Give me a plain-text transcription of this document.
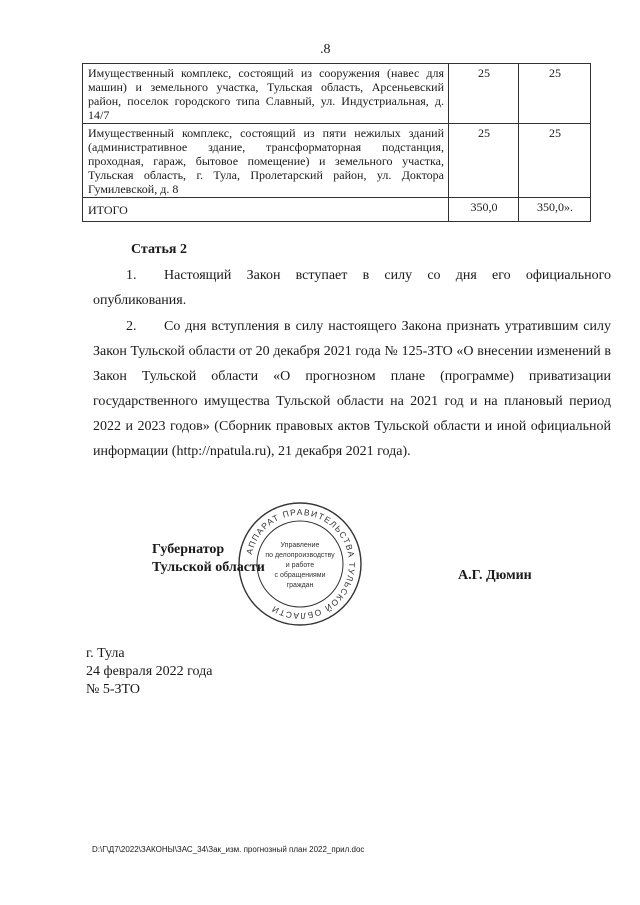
.8
Имущественный комплекс, состоящий из сооружения (навес для машин) и земельного участка, Тульская область, Арсеньевский район, поселок городского типа Славный, ул. Индустриальная, д. 14/7	25	25
Имущественный комплекс, состоящий из пяти нежилых зданий (административное здание, трансформаторная подстанция, проходная, гараж, бытовое помещение) и земельного участка, Тульская область, г. Тула, Пролетарский район, ул. Доктора Гумилевской, д. 8	25	25
ИТОГО	350,0	350,0».
Статья 2
1. Настоящий Закон вступает в силу со дня его официального опубликования.
2. Со дня вступления в силу настоящего Закона признать утратившим силу Закон Тульской области от 20 декабря 2021 года № 125-ЗТО «О внесении изменений в Закон Тульской области «О прогнозном плане (программе) приватизации государственного имущества Тульской области на 2021 год и на плановый период 2022 и 2023 годов» (Сборник правовых актов Тульской области и иной официальной информации (http://npatula.ru), 21 декабря 2021 года).
АППАРАТ ПРАВИТЕЛЬСТВА ТУЛЬСКОЙ ОБЛАСТИ
Управление
по делопроизводству
и работе
с обращениями
граждан
Губернатор
Тульской области
А.Г. Дюмин
г. Тула
24 февраля 2022 года
№ 5-ЗТО
D:\Г\Д7\2022\ЗАКОНЫ\ЗАС_34\Зак_изм. прогнозный план 2022_прил.doc
